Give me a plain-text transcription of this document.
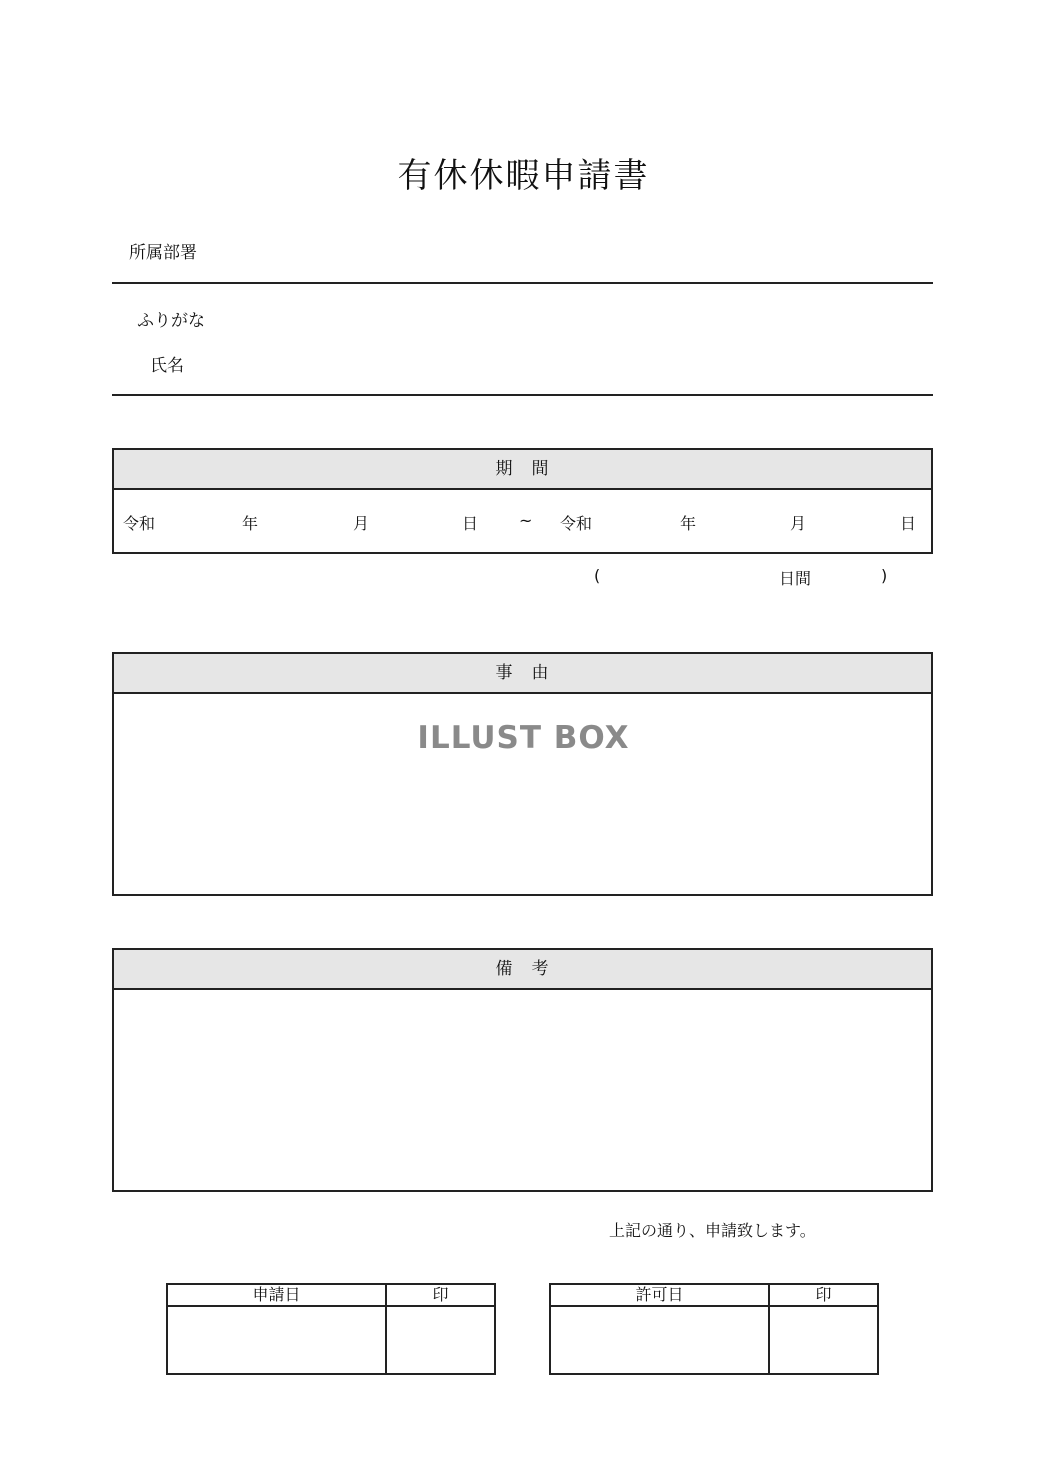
有休休暇申請書
所属部署
ふりがな
氏名
期　間
令和	年	月	日	~ 令和	年	月	日
(	日間	)
事　由
ILLUST BOX
備　考
上記の通り、申請致します。
申請日	印
		許可日	印
